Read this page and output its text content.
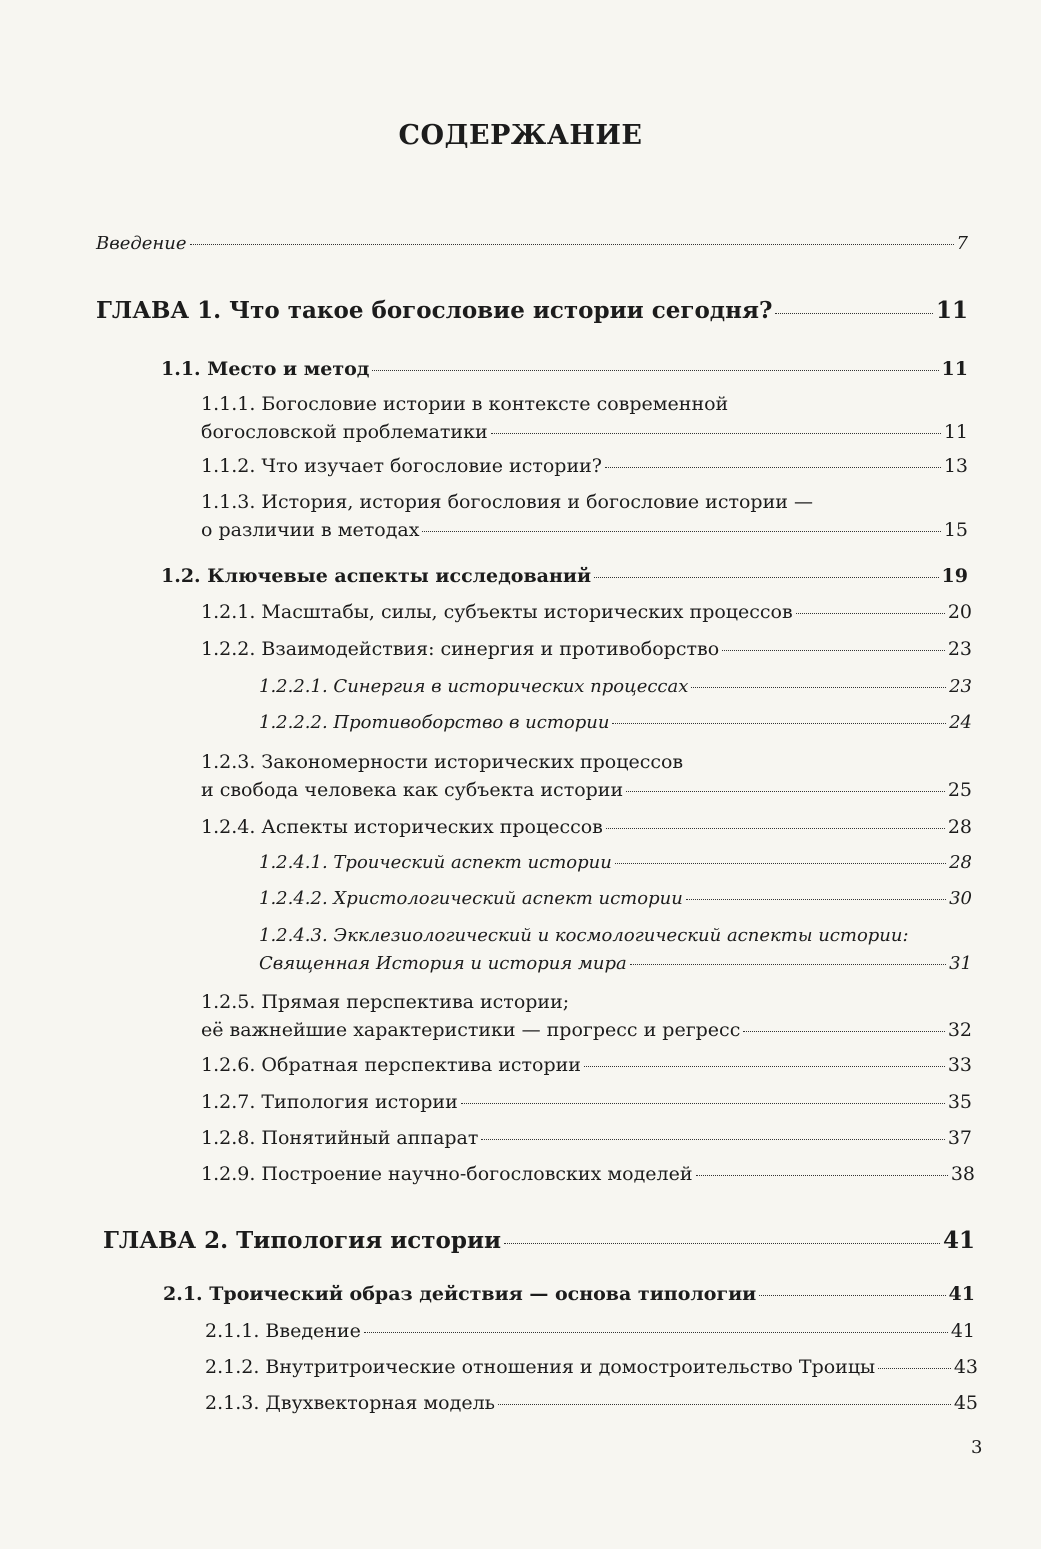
СОДЕРЖАНИЕ
Введение	7
ГЛАВА 1. Что такое богословие истории сегодня?	11
1.1. Место и метод	11
1.1.1. Богословие истории в контексте современной
богословской проблематики	11
1.1.2. Что изучает богословие истории?	13
1.1.3. История, история богословия и богословие истории —
о различии в методах	15
1.2. Ключевые аспекты исследований	19
1.2.1. Масштабы, силы, субъекты исторических процессов	20
1.2.2. Взаимодействия: синергия и противоборство	23
1.2.2.1. Синергия в исторических процессах	23
1.2.2.2. Противоборство в истории	24
1.2.3. Закономерности исторических процессов
и свобода человека как субъекта истории	25
1.2.4. Аспекты исторических процессов	28
1.2.4.1. Троический аспект истории	28
1.2.4.2. Христологический аспект истории	30
1.2.4.3. Экклезиологический и космологический аспекты истории:
Священная История и история мира	31
1.2.5. Прямая перспектива истории;
её важнейшие характеристики — прогресс и регресс	32
1.2.6. Обратная перспектива истории	33
1.2.7. Типология истории	35
1.2.8. Понятийный аппарат	37
1.2.9. Построение научно-богословских моделей	38
ГЛАВА 2. Типология истории	41
2.1. Троический образ действия — основа типологии	41
2.1.1. Введение	41
2.1.2. Внутритроические отношения и домостроительство Троицы	43
2.1.3. Двухвекторная модель	45
3
